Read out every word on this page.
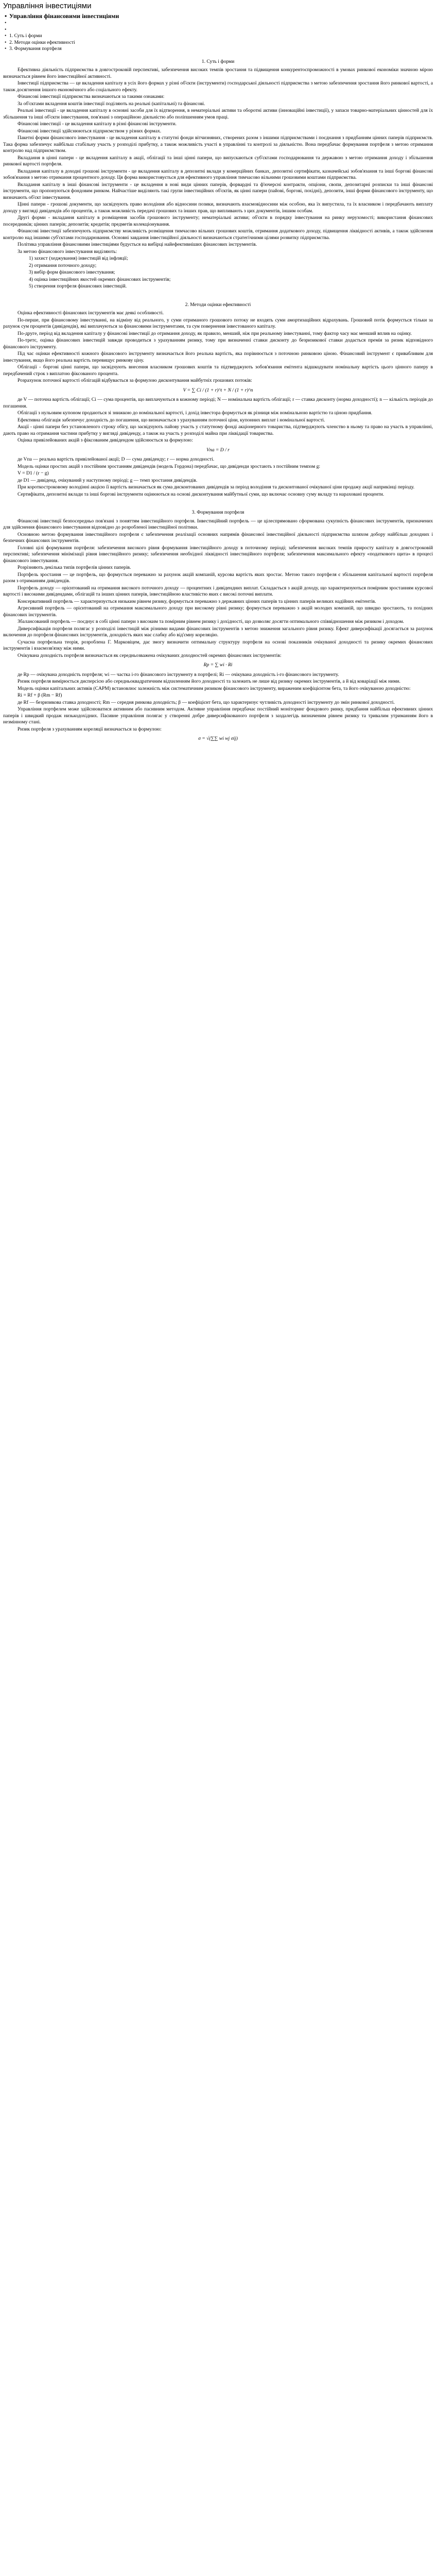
Управління інвестиціями
• Управління фінансовими інвестиціями
•
•
• 1. Суть і форми
• 2. Методи оцінки ефективності
• 3. Формування портфеля
1. Суть і форми

Ефективна діяльність підприємства в довгостроковій перспективі, забезпечення високих темпів зростання та підвищення конкурентоспроможності в умовах ринкової економіки значною мірою визначається рівнем його інвестиційної активності.

Інвестиції підприємства — це вкладення капіталу в усіх його формах у різні об'єкти (інструменти) господарської діяльності підприємства з метою забезпечення зростання його ринкової вартості, а також досягнення іншого економічного або соціального ефекту.

Фінансові інвестиції підприємства визначаються за такими ознаками:

За об'єктами вкладення коштів інвестиції поділяють на реальні (капітальні) та фінансові.

Реальні інвестиції - це вкладення капіталу в основні засоби для їх відтворення, в нематеріальні активи та оборотні активи (інноваційні інвестиції), у запаси товарно-матеріальних цінностей для їх збільшення та інші об'єкти інвестування, пов'язані з операційною діяльністю або поліпшенням умов праці.

Фінансові інвестиції - це вкладення капіталу в різні фінансові інструменти.

Фінансові інвестиції здійснюються підприємством у різних формах.

Пакетні форми фінансового інвестування - це вкладення капіталу в статутні фонди вітчизняних, створених разом з іншими підприємствами і поєднання з придбанням цінних паперів підприємств. Така форма забезпечує найбільш стабільну участь у розподілі прибутку, а також можливість участі в управлінні та контролі за діяльністю. Вона передбачає формування портфеля з метою отримання контролю над підприємством.

Вкладання в цінні папери - це вкладення капіталу в акції, облігації та інші цінні папери, що випускаються суб'єктами господарювання та державою з метою отримання доходу і збільшення ринкової вартості портфеля.

Вкладання капіталу в доходні грошові інструменти - це вкладення капіталу в депозитні вклади у комерційних банках, депозитні сертифікати, казначейські зобов'язання та інші боргові фінансові зобов'язання з метою отримання процентного доходу. Ця форма використовується для ефективного управління тимчасово вільними грошовими коштами підприємства.

Вкладання капіталу в інші фінансові інструменти - це вкладення в нові види цінних паперів, форвардні та ф'ючерсні контракти, опціони, свопи, депозитарні розписки та інші фінансові інструменти, що пропонуються фондовим ринком. Найчастіше виділяють такі групи інвестиційних об'єктів, як цінні папери (пайові, боргові, похідні), депозити, інші форми фінансового інструменту, що визначають об'єкт інвестування.

Цінні папери - грошові документи, що засвідчують право володіння або відносини позики, визначають взаємовідносини між особою, яка їх випустила, та їх власником і передбачають виплату доходу у вигляді дивідендів або процентів, а також можливість передачі грошових та інших прав, що випливають з цих документів, іншим особам.

Другі форми - вкладання капіталу в розміщення засобів грошового інструменту; нематеріальні активи; об'єкти в порядку інвестування на ринку нерухомості; використання фінансових посередників; цінних паперів; депозитів; кредитів; предметів колекціонування.

Фінансові інвестиції забезпечують підприємству можливість розміщення тимчасово вільних грошових коштів, отримання додаткового доходу, підвищення ліквідності активів, а також здійснення контролю над іншими суб'єктами господарювання. Основні завдання інвестиційної діяльності визначаються стратегічними цілями розвитку підприємства.

Політика управління фінансовими інвестиціями будується на вибірці найефективніших фінансових інструментів.

За метою фінансового інвестування виділяють:

1) захист (хеджування) інвестицій від інфляції;

2) отримання поточного доходу;

3) вибір форм фінансового інвестування;

4) оцінка інвестиційних якостей окремих фінансових інструментів;

5) створення портфеля фінансових інвестицій.

2. Методи оцінки ефективності

Оцінка ефективності фінансових інструментів має деякі особливості.

По-перше, при фінансовому інвестуванні, на відміну від реального, у суми отриманого грошового потоку не входять суми амортизаційних відрахувань. Грошовий потік формується тільки за рахунок сум процентів (дивідендів), які виплачуються за фінансовими інструментами, та сум повернення інвестованого капіталу.

По-друге, період від вкладення капіталу у фінансові інвестиції до отримання доходу, як правило, менший, ніж при реальному інвестуванні, тому фактор часу має менший вплив на оцінку.

По-третє, оцінка фінансових інвестицій завжди проводиться з урахуванням ризику, тому при визначенні ставки дисконту до безризикової ставки додається премія за ризик відповідного фінансового інструменту.

Під час оцінки ефективності кожного фінансового інструменту визначається його реальна вартість, яка порівнюється з поточною ринковою ціною. Фінансовий інструмент є привабливим для інвестування, якщо його реальна вартість перевищує ринкову ціну.

Облігації - боргові цінні папери, що засвідчують внесення власником грошових коштів та підтверджують зобов'язання емітента відшкодувати номінальну вартість цього цінного паперу в передбачений строк з виплатою фіксованого процента.

Розрахунок поточної вартості облігацій відбувається за формулою дисконтування майбутніх грошових потоків:

V = ∑ Ci / (1 + r)^t + N / (1 + r)^n

де V — поточна вартість облігації; Ci — сума процентів, що виплачуються в кожному періоді; N — номінальна вартість облігації; r — ставка дисконту (норма доходності); n — кількість періодів до погашення.

Облігації з нульовим купоном продаються зі знижкою до номінальної вартості, і дохід інвестора формується як різниця між номінальною вартістю та ціною придбання.

Ефективна облігація забезпечує доходність до погашення, що визначається з урахуванням поточної ціни, купонних виплат і номінальної вартості.

Акції - цінні папери без установленого строку обігу, що засвідчують пайову участь у статутному фонді акціонерного товариства, підтверджують членство в ньому та право на участь в управлінні, дають право на отримання частини прибутку у вигляді дивіденду, а також на участь у розподілі майна при ліквідації товариства.

Оцінка привілейованих акцій з фіксованим дивідендом здійснюється за формулою:

Vпа = D / r

де Vпа — реальна вартість привілейованої акції; D — сума дивіденду; r — норма доходності.

Модель оцінки простих акцій з постійним зростанням дивідендів (модель Гордона) передбачає, що дивіденди зростають з постійним темпом g:

V = D1 / (r − g)

де D1 — дивіденд, очікуваний у наступному періоді; g — темп зростання дивідендів.

При короткостроковому володінні акцією її вартість визначається як сума дисконтованих дивідендів за період володіння та дисконтованої очікуваної ціни продажу акції наприкінці періоду.

Сертифікати, депозитні вклади та інші боргові інструменти оцінюються на основі дисконтування майбутньої суми, що включає основну суму вкладу та нараховані проценти.

3. Формування портфеля

Фінансові інвестиції безпосередньо пов'язані з поняттям інвестиційного портфеля. Інвестиційний портфель — це цілеспрямовано сформована сукупність фінансових інструментів, призначених для здійснення фінансового інвестування відповідно до розробленої інвестиційної політики.

Основною метою формування інвестиційного портфеля є забезпечення реалізації основних напрямів фінансової інвестиційної діяльності підприємства шляхом добору найбільш доходних і безпечних фінансових інструментів.

Головні цілі формування портфеля: забезпечення високого рівня формування інвестиційного доходу в поточному періоді; забезпечення високих темпів приросту капіталу в довгостроковій перспективі; забезпечення мінімізації рівня інвестиційного ризику; забезпечення необхідної ліквідності інвестиційного портфеля; забезпечення максимального ефекту «податкового щита» в процесі фінансового інвестування.

Розрізняють декілька типів портфелів цінних паперів.

Портфель зростання — це портфель, що формується переважно за рахунок акцій компаній, курсова вартість яких зростає. Метою такого портфеля є збільшення капітальної вартості портфеля разом з отриманням дивідендів.

Портфель доходу — орієнтований на отримання високого поточного доходу — процентних і дивідендних виплат. Складається з акцій доходу, що характеризуються помірним зростанням курсової вартості і високими дивідендами, облігацій та інших цінних паперів, інвестиційною властивістю яких є високі поточні виплати.

Консервативний портфель — характеризується низьким рівнем ризику, формується переважно з державних цінних паперів та цінних паперів великих надійних емітентів.

Агресивний портфель — орієнтований на отримання максимального доходу при високому рівні ризику; формується переважно з акцій молодих компаній, що швидко зростають, та похідних фінансових інструментів.

Збалансований портфель — поєднує в собі цінні папери з високим та помірним рівнем ризику і дохідності, що дозволяє досягти оптимального співвідношення між ризиком і доходом.

Диверсифікація портфеля полягає у розподілі інвестицій між різними видами фінансових інструментів з метою зниження загального рівня ризику. Ефект диверсифікації досягається за рахунок включення до портфеля фінансових інструментів, доходність яких має слабку або від'ємну кореляцію.

Сучасна портфельна теорія, розроблена Г. Марковіцем, дає змогу визначити оптимальну структуру портфеля на основі показників очікуваної доходності та ризику окремих фінансових інструментів і взаємозв'язку між ними.

Очікувана доходність портфеля визначається як середньозважена очікуваних доходностей окремих фінансових інструментів:

Rp = ∑ wi · Ri

де Rp — очікувана доходність портфеля; wi — частка i-го фінансового інструменту в портфелі; Ri — очікувана доходність i-го фінансового інструменту.

Ризик портфеля вимірюється дисперсією або середньоквадратичним відхиленням його доходності та залежить не лише від ризику окремих інструментів, а й від коваріації між ними.

Модель оцінки капітальних активів (CAPM) встановлює залежність між систематичним ризиком фінансового інструменту, вираженим коефіцієнтом бета, та його очікуваною доходністю:

Ri = Rf + β (Rm − Rf)

де Rf — безризикова ставка доходності; Rm — середня ринкова доходність; β — коефіцієнт бета, що характеризує чутливість доходності інструменту до змін ринкової доходності.

Управління портфелем може здійснюватися активним або пасивним методом. Активне управління передбачає постійний моніторинг фондового ринку, придбання найбільш ефективних цінних паперів і швидкий продаж низькодохідних. Пасивне управління полягає у створенні добре диверсифікованого портфеля з заздалегідь визначеним рівнем ризику та тривалим утриманням його в незмінному стані.

Ризик портфеля з урахуванням кореляції визначається за формулою:

σ = √(∑∑ wi wj σij)
